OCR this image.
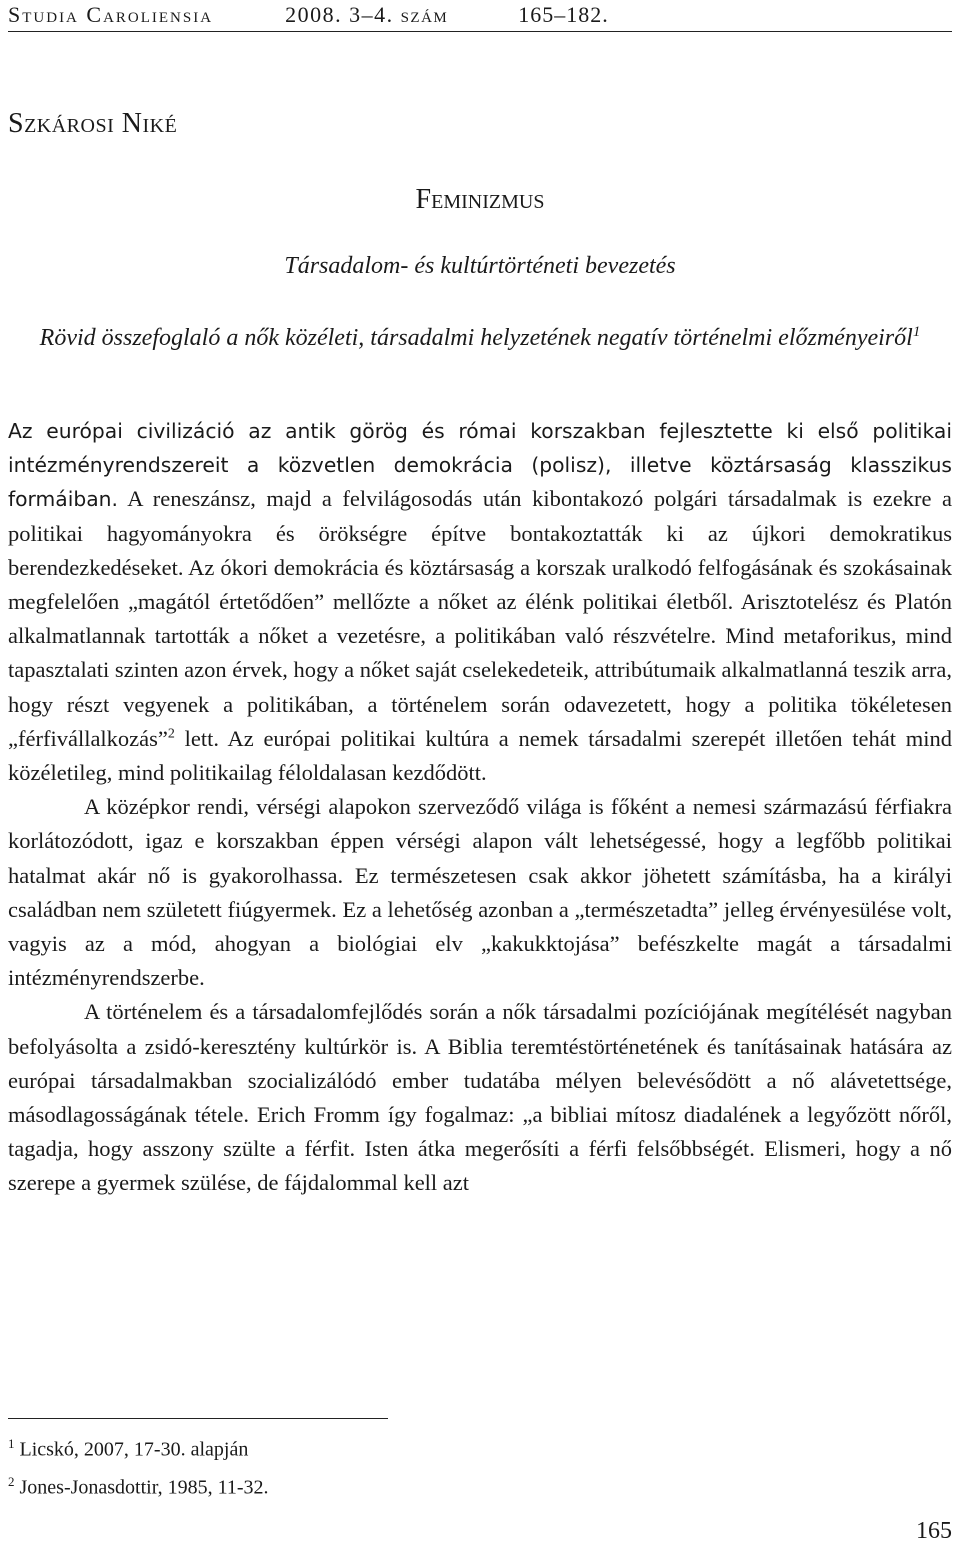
Studia Caroliensia	2008. 3–4. szám	165–182.
Szkárosi Niké
Feminizmus
Társadalom- és kultúrtörténeti bevezetés
Rövid összefoglaló a nők közéleti, társadalmi helyzetének negatív történelmi előzményeiről$^1$

Az európai civilizáció az antik görög és római korszakban fejlesztette ki első politikai intézményrendszereit a közvetlen demokrácia (polisz), illetve köztársaság klasszikus formáiban. A reneszánsz, majd a felvilágosodás után kibontakozó polgári társadalmak is ezekre a politikai hagyományokra és örökségre építve bontakoztatták ki az újkori demokratikus berendezkedéseket. Az ókori demokrácia és köztársaság a korszak uralkodó felfogásának és szokásainak megfelelően „magától értetődően” mellőzte a nőket az élénk politikai életből. Arisztotelész és Platón alkalmatlannak tartották a nőket a vezetésre, a politikában való részvételre. Mind metaforikus, mind tapasztalati szinten azon érvek, hogy a nőket saját cselekedeteik, attribútumaik alkalmatlanná teszik arra, hogy részt vegyenek a politikában, a történelem során odavezetett, hogy a politika tökéletesen „férfivállalkozás”$^2$ lett. Az európai politikai kultúra a nemek társadalmi szerepét illetően tehát mind közéletileg, mind politikailag féloldalasan kezdődött.

A középkor rendi, vérségi alapokon szerveződő világa is főként a nemesi származású férfiakra korlátozódott, igaz e korszakban éppen vérségi alapon vált lehetségessé, hogy a legfőbb politikai hatalmat akár nő is gyakorolhassa. Ez természetesen csak akkor jöhetett számításba, ha a királyi családban nem született fiúgyermek. Ez a lehetőség azonban a „természetadta” jelleg érvényesülése volt, vagyis az a mód, ahogyan a biológiai elv „kakukktojása” befészkelte magát a társadalmi intézményrendszerbe.

A történelem és a társadalomfejlődés során a nők társadalmi pozíciójának megítélését nagyban befolyásolta a zsidó-keresztény kultúrkör is. A Biblia teremtéstörténetének és tanításainak hatására az európai társadalmakban szocializálódó ember tudatába mélyen belevésődött a nő alávetettsége, másodlagosságának tétele. Erich Fromm így fogalmaz: „a bibliai mítosz diadalének a legyőzött nőről, tagadja, hogy asszony szülte a férfit. Isten átka megerősíti a férfi felsőbbségét. Elismeri, hogy a nő szerepe a gyermek szülése, de fájdalommal kell azt

$^1$ Licskó, 2007, 17-30. alapján
$^2$ Jones-Jonasdottir, 1985, 11-32.
165
